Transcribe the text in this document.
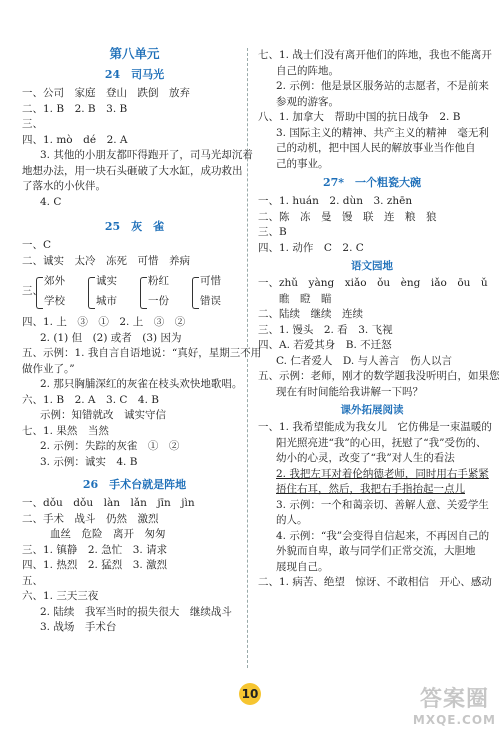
第八单元
24　司马光
一、公司　家庭　登山　跌倒　放弃
二、1. B　2. B　3. B
三、
四、1. mò　dé　2. A
3. 其他的小朋友都吓得跑开了，司马光却沉着
地想办法，用一块石头砸破了大水缸，成功救出
了落水的小伙伴。
4. C
25　灰　雀
一、C
二、诚实　太冷　冻死　可惜　养病
三、
郊外
学校
诚实
城市
粉红
一份
可惜
错误
四、1. 上　③　①　2. 上　③　②
2. (1) 但　(2) 或者　(3) 因为
五、示例：1. 我自言自语地说：“真好，星期三不用
做作业了。”
2. 那只胸脯深红的灰雀在枝头欢快地歌唱。
六、1. B　2. A　3. C　4. B
示例：知错就改　诚实守信
七、1. 果然　当然
2. 示例：失踪的灰雀　①　②
3. 示例：诚实　4. B
26　手术台就是阵地
一、dǒu　dǒu　làn　lǎn　jīn　jìn
二、手术　战斗　仍然　激烈
血丝　危险　离开　匆匆
三、1. 镇静　2. 急忙　3. 请求
四、1. 热烈　2. 猛烈　3. 激烈
五、
六、1. 三天三夜
2. 陆续　我军当时的损失很大　继续战斗
3. 战场　手术台
七、1. 战士们没有离开他们的阵地，我也不能离开
自己的阵地。
2. 示例：他是景区服务站的志愿者，不是前来
参观的游客。
八、1. 加拿大　帮助中国的抗日战争　2. B
3. 国际主义的精神、共产主义的精神　毫无利
己的动机，把中国人民的解放事业当作他自
己的事业。
27*　一个粗瓷大碗
一、1. huán　2. dùn　3. zhēn
二、陈　冻　曼　馒　联　连　粮　狼
三、B
四、1. 动作　C　2. C
语文园地
一、zhǔ　yàng　xiǎo　ǒu　èng　iǎo　ōu　ǔ
　　瞧　瞪　瞄
二、陆续　继续　连续
三、1. 馒头　2. 看　3. 飞视
四、A. 若爱其身　B. 不迁怒
C. 仁者爱人　D. 与人善言　伤人以言
五、示例：老师，刚才的数学题我没听明白，如果您
现在有时间能给我讲解一下吗？
课外拓展阅读
一、1. 我希望能成为我女儿　它仿佛是一束温暖的
阳光照亮进“我”的心田，抚慰了“我”受伤的、
幼小的心灵，改变了“我”对人生的看法
2. 我把左耳对着伦纳德老师，同时用右手紧紧
捂住右耳，然后，我把右手指抬起一点儿
3. 示例：一个和蔼亲切、善解人意、关爱学生
的人。
4. 示例：“我”会变得自信起来，不再因自己的
外貌而自卑，敢与同学们正常交流，大胆地
展现自己。
二、1. 病苦、绝望　惊讶、不敢相信　开心、感动
10	答案圈
MXQE.COM
